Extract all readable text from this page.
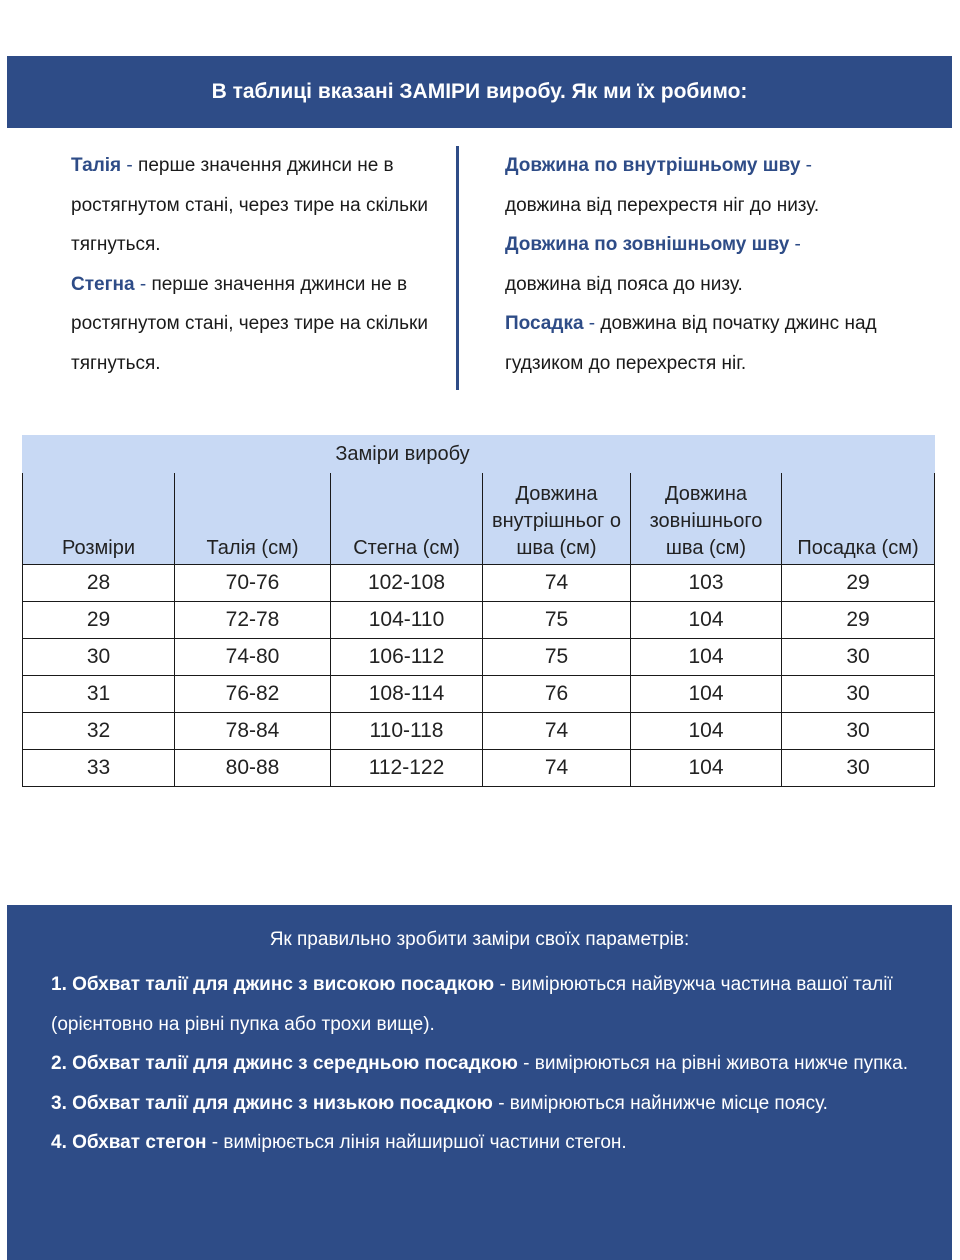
В таблиці вказані ЗАМІРИ виробу. Як ми їх робимо:

Талія - перше значення джинси не в ростягнутом стані, через тире на скільки тягнуться.

Стегна - перше значення джинси не в ростягнутом стані, через тире на скільки тягнуться.

Довжина по внутрішньому шву -
довжина від перехрестя ніг до низу.

Довжина по зовнішньому шву -
довжина від пояса до низу.

Посадка - довжина від початку джинс над гудзиком до перехрестя ніг.

	Заміри виробу				
Розміри	Талія (см)	Стегна (см)	Довжина внутрішньог о шва (см)	Довжина зовнішнього шва (см)	Посадка (см)
28	70-76	102-108	74	103	29
29	72-78	104-110	75	104	29
30	74-80	106-112	75	104	30
31	76-82	108-114	76	104	30
32	78-84	110-118	74	104	30
33	80-88	112-122	74	104	30
Як правильно зробити заміри своїх параметрів:

1. Обхват талії для джинс з високою посадкою - вимірюються найвужча частина вашої талії (орієнтовно на рівні пупка або трохи вище).

2. Обхват талії для джинс з середньою посадкою - вимірюються на рівні живота нижче пупка.

3. Обхват талії для джинс з низькою посадкою - вимірюються найнижче місце поясу.

4. Обхват стегон - вимірюється лінія найширшої частини стегон.
